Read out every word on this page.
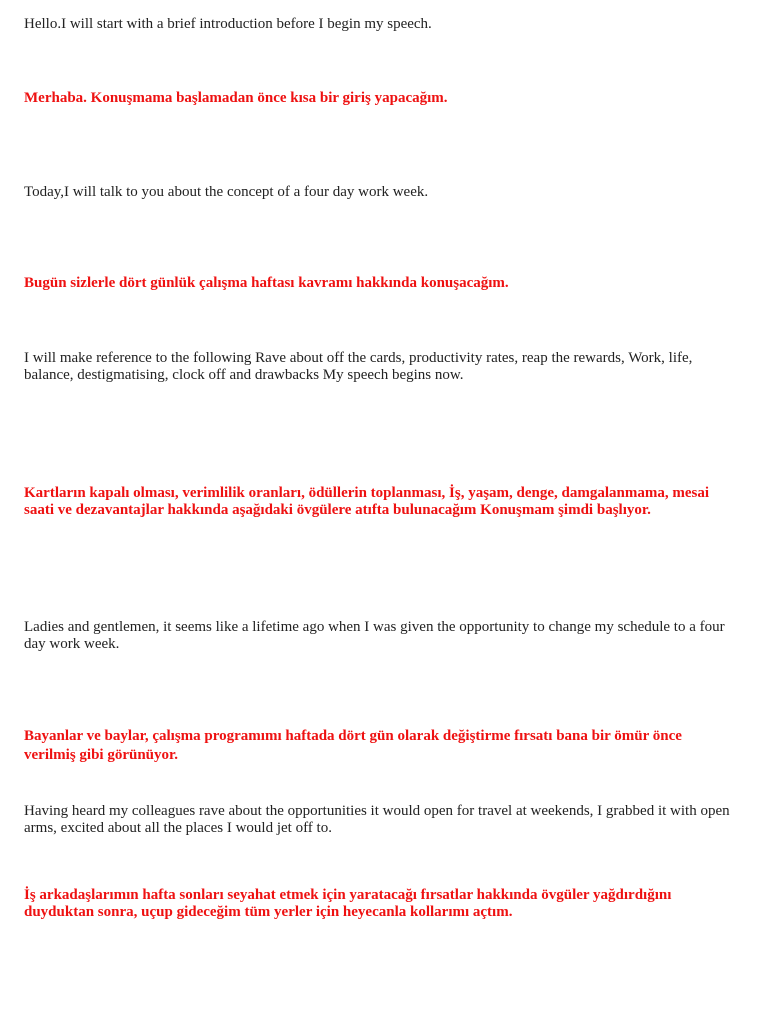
Hello.I will start with a brief introduction before I begin my speech.

Merhaba. Konuşmama başlamadan önce kısa bir giriş yapacağım.

Today,I will talk to you about the concept of a four day work week.

Bugün sizlerle dört günlük çalışma haftası kavramı hakkında konuşacağım.

I will make reference to the following Rave about off the cards, productivity rates, reap the rewards, Work, life, balance, destigmatising, clock off and drawbacks My speech begins now.

Kartların kapalı olması, verimlilik oranları, ödüllerin toplanması, İş, yaşam, denge, damgalanmama, mesai saati ve dezavantajlar hakkında aşağıdaki övgülere atıfta bulunacağım Konuşmam şimdi başlıyor.

Ladies and gentlemen, it seems like a lifetime ago when I was given the opportunity to change my schedule to a four day work week.

Bayanlar ve baylar, çalışma programımı haftada dört gün olarak değiştirme fırsatı bana bir ömür önce verilmiş gibi görünüyor.

Having heard my colleagues rave about the opportunities it would open for travel at weekends, I grabbed it with open arms, excited about all the places I would jet off to.

İş arkadaşlarımın hafta sonları seyahat etmek için yaratacağı fırsatlar hakkında övgüler yağdırdığını duyduktan sonra, uçup gideceğim tüm yerler için heyecanla kollarımı açtım.
